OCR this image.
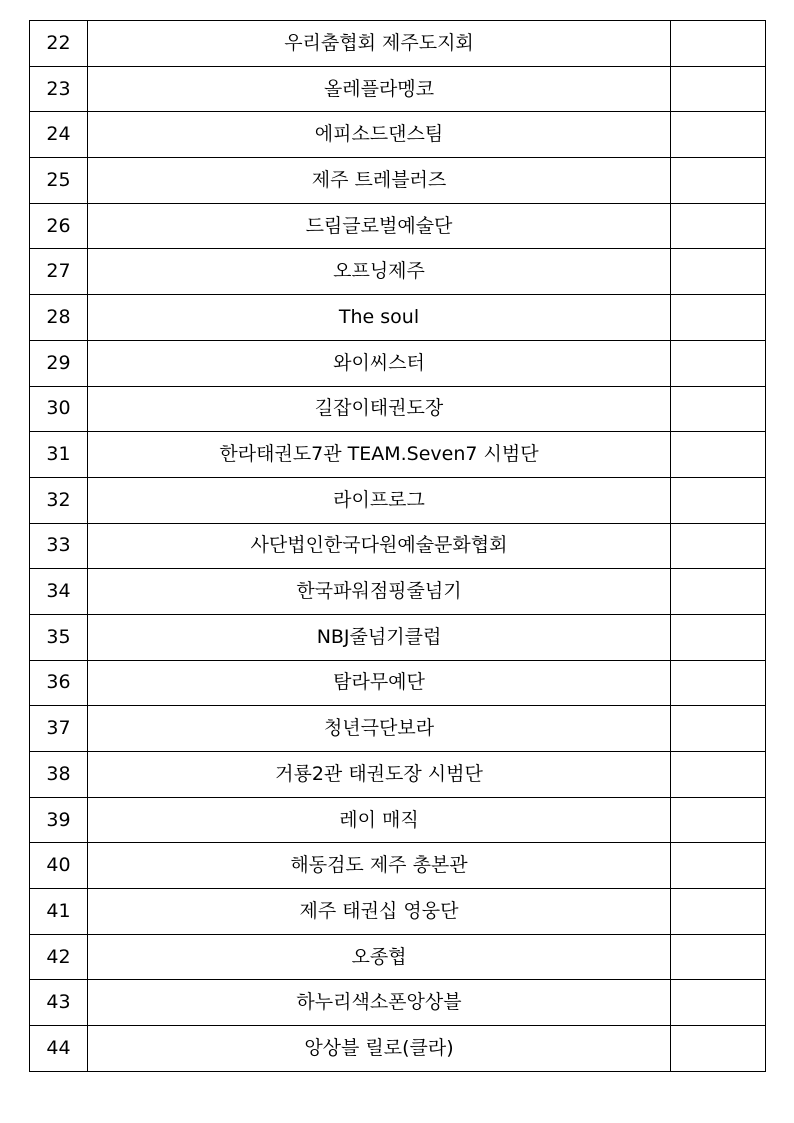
22	우리춤협회 제주도지회	
23	올레플라멩코	
24	에피소드댄스팀	
25	제주 트레블러즈	
26	드림글로벌예술단	
27	오프닝제주	
28	The soul	
29	와이씨스터	
30	길잡이태권도장	
31	한라태권도7관 TEAM.Seven7 시범단	
32	라이프로그	
33	사단법인한국다원예술문화협회	
34	한국파워점핑줄넘기	
35	NBJ줄넘기클럽	
36	탐라무예단	
37	청년극단보라	
38	거룡2관 태권도장 시범단	
39	레이 매직	
40	해동검도 제주 총본관	
41	제주 태권십 영웅단	
42	오종협	
43	하누리색소폰앙상블	
44	앙상블 릴로(클라)	
